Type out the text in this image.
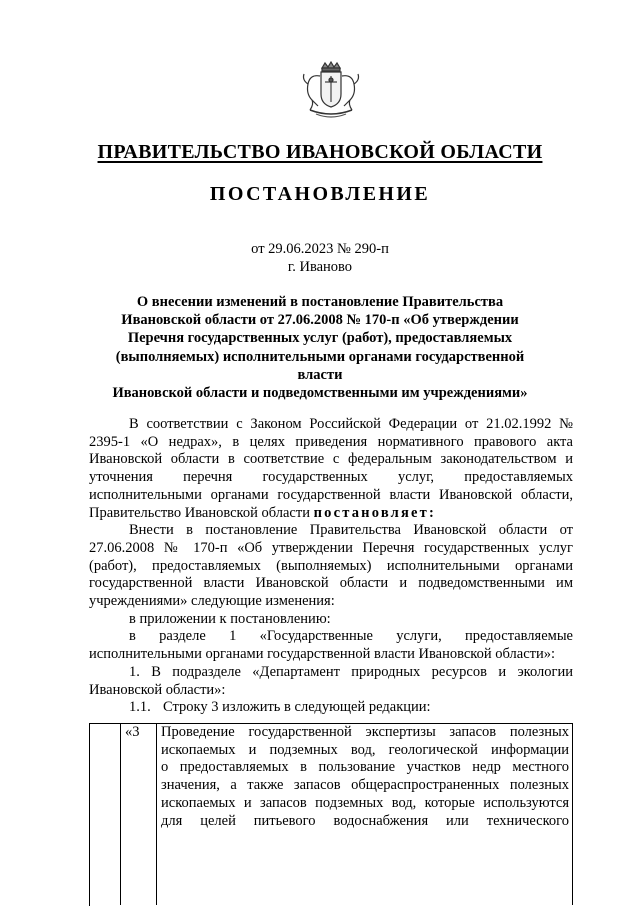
ПРАВИТЕЛЬСТВО ИВАНОВСКОЙ ОБЛАСТИ
ПОСТАНОВЛЕНИЕ
от 29.06.2023 № 290-п
г. Иваново
О внесении изменений в постановление Правительства
Ивановской области от 27.06.2008 № 170-п «Об утверждении
Перечня государственных услуг (работ), предоставляемых
(выполняемых) исполнительными органами государственной власти
Ивановской области и подведомственными им учреждениями»

В соответствии с Законом Российской Федерации от 21.02.1992 № 2395-1 «О недрах», в целях приведения нормативного правового акта Ивановской области в соответствие с федеральным законодательством и уточнения перечня государственных услуг, предоставляемых исполнительными органами государственной власти Ивановской области, Правительство Ивановской области постановляет:

Внести в постановление Правительства Ивановской области от 27.06.2008 № 170-п «Об утверждении Перечня государственных услуг (работ), предоставляемых (выполняемых) исполнительными органами государственной власти Ивановской области и подведомственными им учреждениями» следующие изменения:

в приложении к постановлению:

в разделе 1 «Государственные услуги, предоставляемые исполнительными органами государственной власти Ивановской области»:

1. В подразделе «Департамент природных ресурсов и экологии Ивановской области»:

1.1. Строку 3 изложить в следующей редакции:

«3	Проведение государственной экспертизы запасов полезных
ископаемых и подземных вод, геологической информации
о предоставляемых в пользование участков недр местного
значения, а также запасов общераспространенных полезных
ископаемых и запасов подземных вод, которые используются
для целей питьевого водоснабжения или технического
